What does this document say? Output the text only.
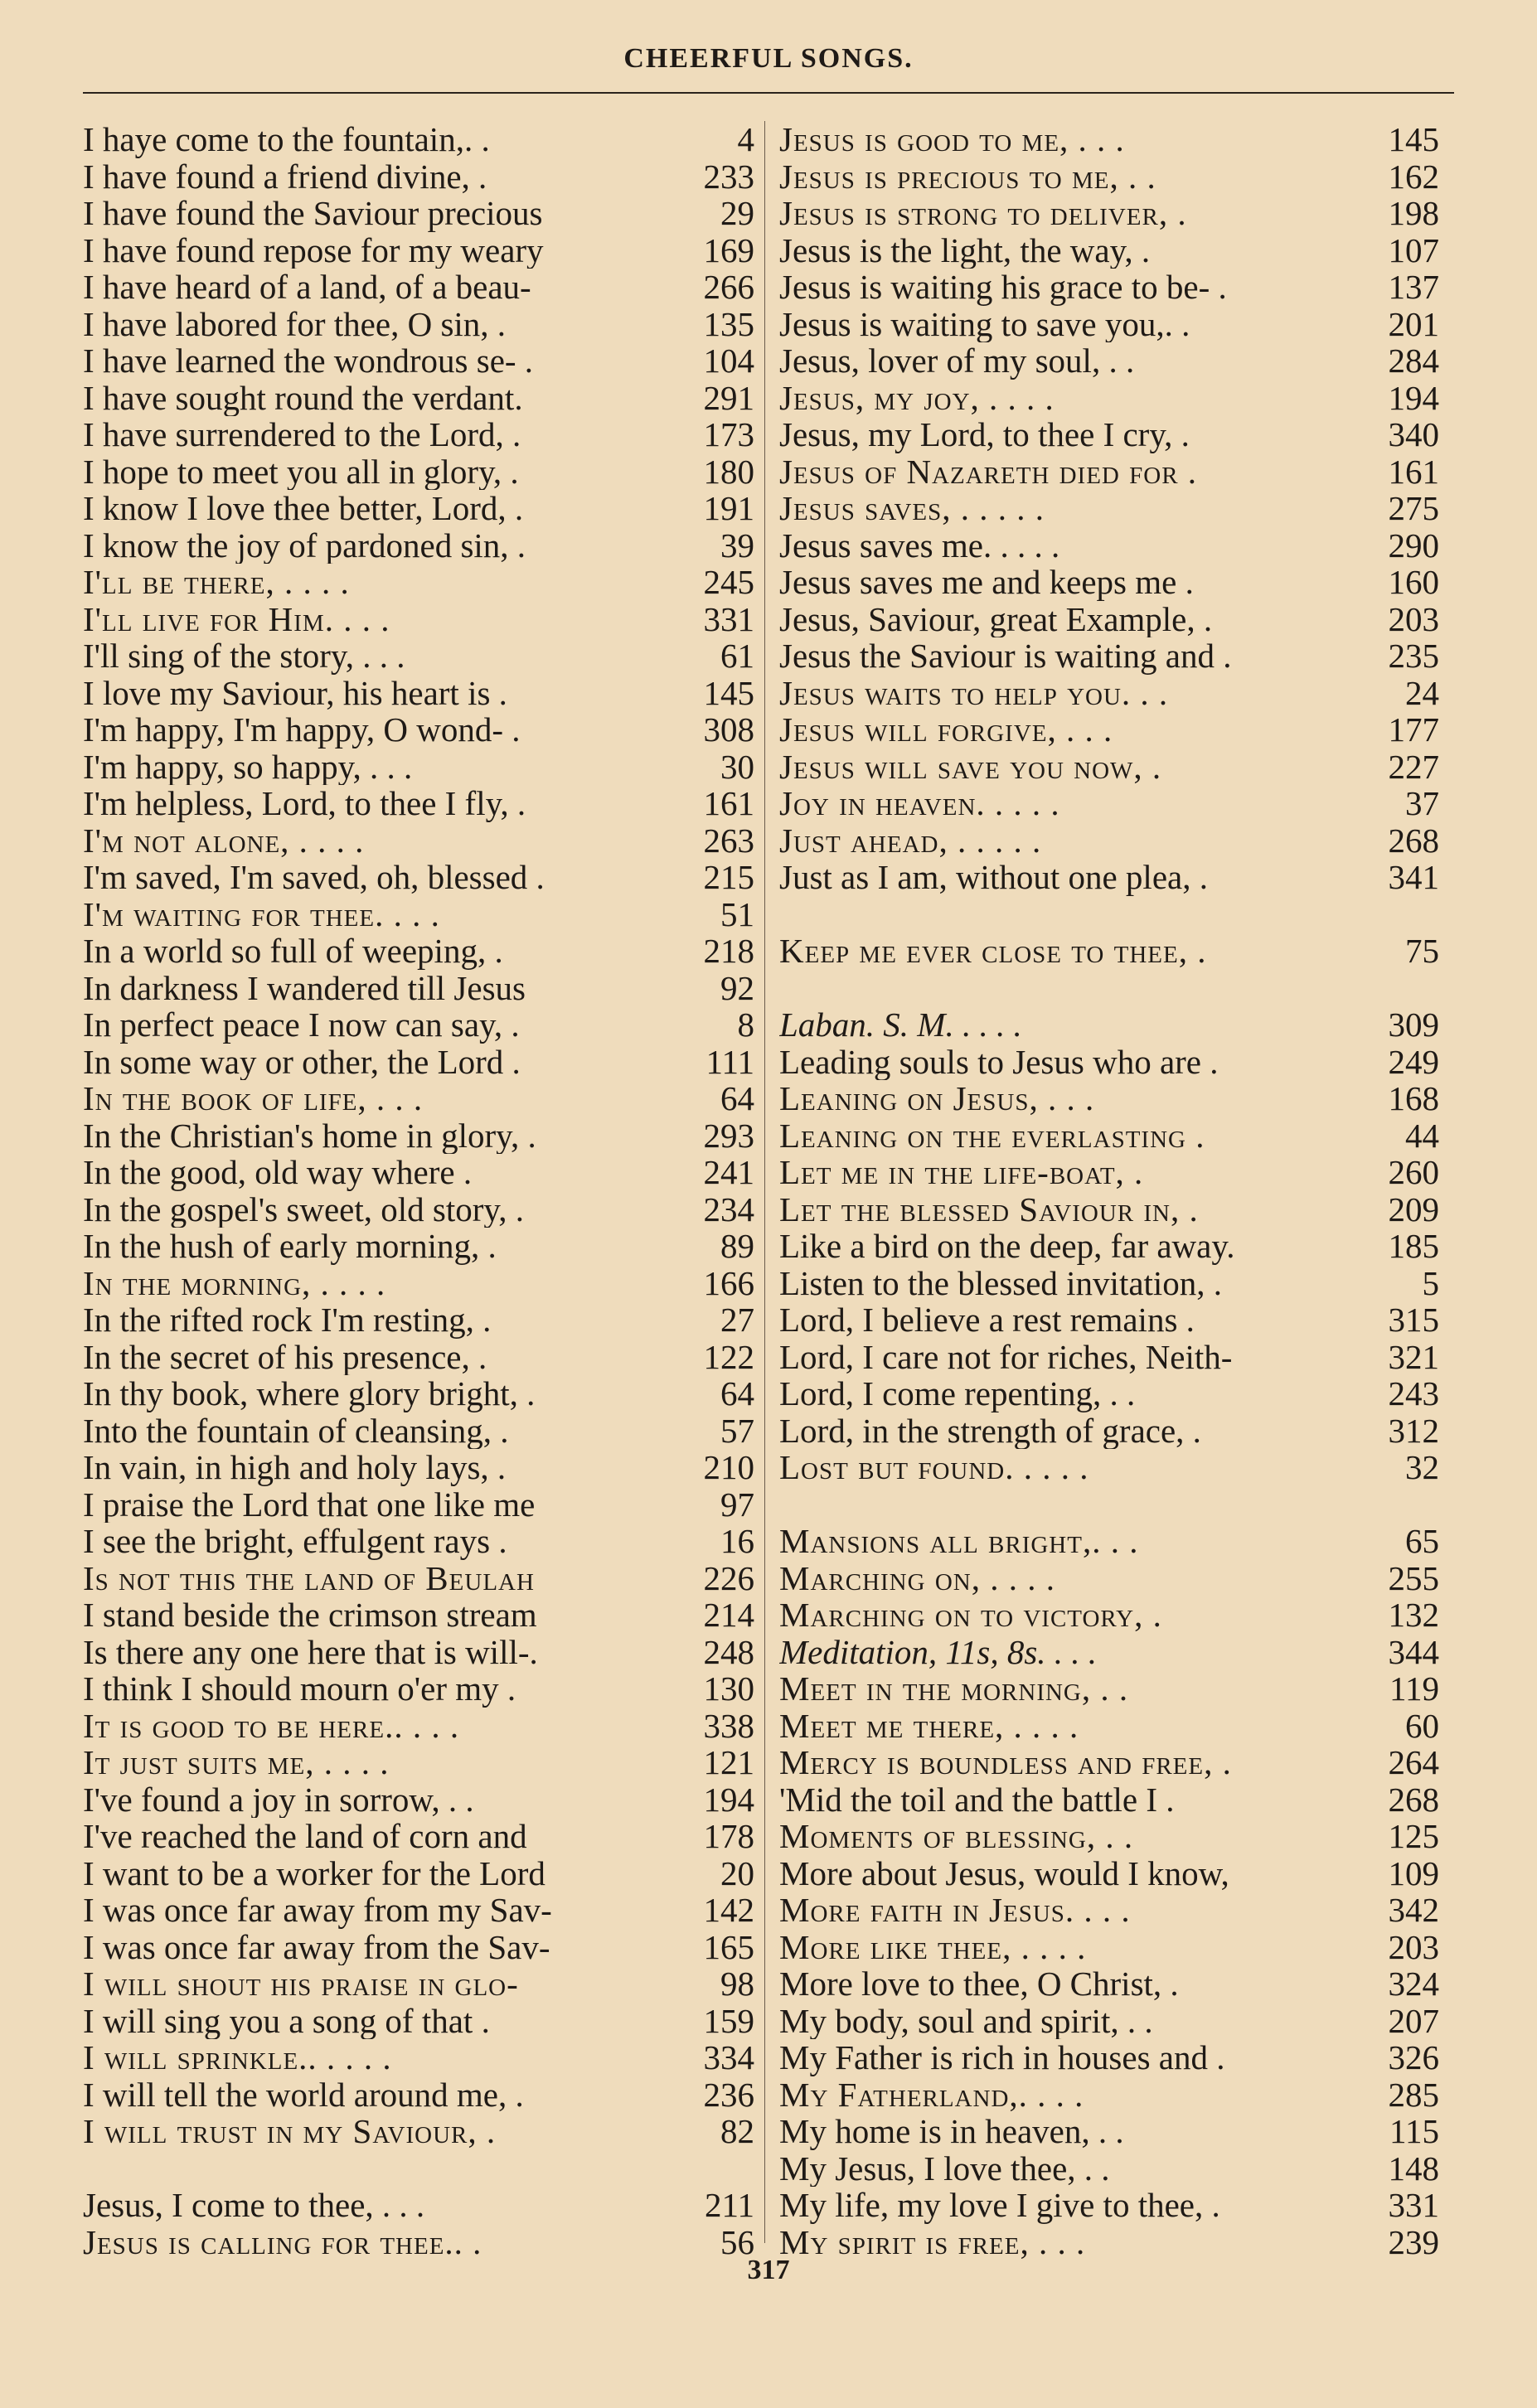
CHEERFUL SONGS.
I haye come to the fountain,. .	4
I have found a friend divine, .	233
I have found the Saviour precious	29
I have found repose for my weary	169
I have heard of a land, of a beau-	266
I have labored for thee, O sin, .	135
I have learned the wondrous se- .	104
I have sought round the verdant.	291
I have surrendered to the Lord, .	173
I hope to meet you all in glory, .	180
I know I love thee better, Lord, .	191
I know the joy of pardoned sin, .	39
I'll be there, . . . .	245
I'll live for Him. . . .	331
I'll sing of the story, . . .	61
I love my Saviour, his heart is .	145
I'm happy, I'm happy, O wond- .	308
I'm happy, so happy, . . .	30
I'm helpless, Lord, to thee I fly, .	161
I'm not alone, . . . .	263
I'm saved, I'm saved, oh, blessed .	215
I'm waiting for thee. . . .	51
In a world so full of weeping, .	218
In darkness I wandered till Jesus	92
In perfect peace I now can say, .	8
In some way or other, the Lord .	111
In the book of life, . . .	64
In the Christian's home in glory, .	293
In the good, old way where .	241
In the gospel's sweet, old story, .	234
In the hush of early morning, .	89
In the morning, . . . .	166
In the rifted rock I'm resting, .	27
In the secret of his presence, .	122
In thy book, where glory bright, .	64
Into the fountain of cleansing, .	57
In vain, in high and holy lays, .	210
I praise the Lord that one like me	97
I see the bright, effulgent rays .	16
Is not this the land of Beulah	226
I stand beside the crimson stream	214
Is there any one here that is will-.	248
I think I should mourn o'er my .	130
It is good to be here.. . . .	338
It just suits me, . . . .	121
I've found a joy in sorrow, . .	194
I've reached the land of corn and	178
I want to be a worker for the Lord	20
I was once far away from my Sav-	142
I was once far away from the Sav-	165
I will shout his praise in glo-	98
I will sing you a song of that .	159
I will sprinkle.. . . . .	334
I will tell the world around me, .	236
I will trust in my Saviour, .	82
Jesus, I come to thee, . . .	211
Jesus is calling for thee.. .	56
Jesus is good to me, . . .	145
Jesus is precious to me, . .	162
Jesus is strong to deliver, .	198
Jesus is the light, the way, .	107
Jesus is waiting his grace to be- .	137
Jesus is waiting to save you,. .	201
Jesus, lover of my soul, . .	284
Jesus, my joy, . . . .	194
Jesus, my Lord, to thee I cry, .	340
Jesus of Nazareth died for .	161
Jesus saves, . . . . .	275
Jesus saves me. . . . .	290
Jesus saves me and keeps me .	160
Jesus, Saviour, great Example, .	203
Jesus the Saviour is waiting and .	235
Jesus waits to help you. . .	24
Jesus will forgive, . . .	177
Jesus will save you now, .	227
Joy in heaven. . . . .	37
Just ahead, . . . . .	268
Just as I am, without one plea, .	341
Keep me ever close to thee, .	75
Laban. S. M. . . . .	309
Leading souls to Jesus who are .	249
Leaning on Jesus, . . .	168
Leaning on the everlasting .	44
Let me in the life-boat, .	260
Let the blessed Saviour in, .	209
Like a bird on the deep, far away.	185
Listen to the blessed invitation, .	5
Lord, I believe a rest remains .	315
Lord, I care not for riches, Neith-	321
Lord, I come repenting, . .	243
Lord, in the strength of grace, .	312
Lost but found. . . . .	32
Mansions all bright,. . .	65
Marching on, . . . .	255
Marching on to victory, .	132
Meditation, 11s, 8s. . . .	344
Meet in the morning, . .	119
Meet me there, . . . .	60
Mercy is boundless and free, .	264
'Mid the toil and the battle I .	268
Moments of blessing, . .	125
More about Jesus, would I know,	109
More faith in Jesus. . . .	342
More like thee, . . . .	203
More love to thee, O Christ, .	324
My body, soul and spirit, . .	207
My Father is rich in houses and .	326
My Fatherland,. . . .	285
My home is in heaven, . .	115
My Jesus, I love thee, . .	148
My life, my love I give to thee, .	331
My spirit is free, . . .	239
317
